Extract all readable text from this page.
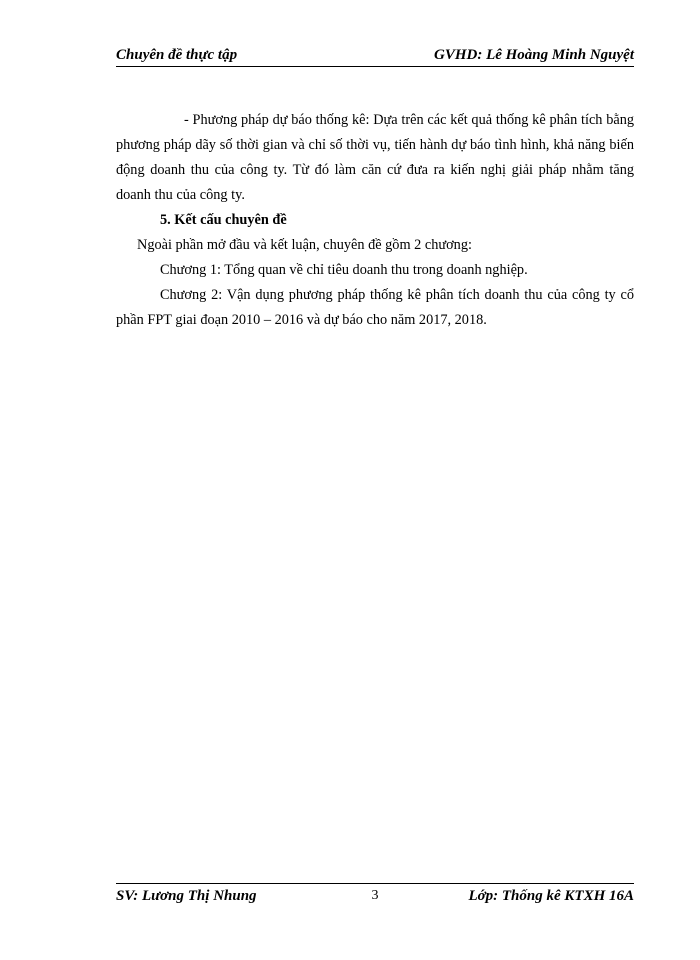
Chuyên đề thực tập	GVHD: Lê Hoàng Minh Nguyệt

- Phương pháp dự báo thống kê: Dựa trên các kết quả thống kê phân tích bằng phương pháp dãy số thời gian và chỉ số thời vụ, tiến hành dự báo tình hình, khả năng biến động doanh thu của công ty. Từ đó làm căn cứ đưa ra kiến nghị giải pháp nhằm tăng doanh thu của công ty.

5. Kết cấu chuyên đề

Ngoài phần mở đầu và kết luận, chuyên đề gồm 2 chương:

Chương 1: Tổng quan về chỉ tiêu doanh thu trong doanh nghiệp.

Chương 2: Vận dụng phương pháp thống kê phân tích doanh thu của công ty cổ phần FPT giai đoạn 2010 – 2016 và dự báo cho năm 2017, 2018.

SV: Lương Thị Nhung	3	Lớp: Thống kê KTXH 16A
